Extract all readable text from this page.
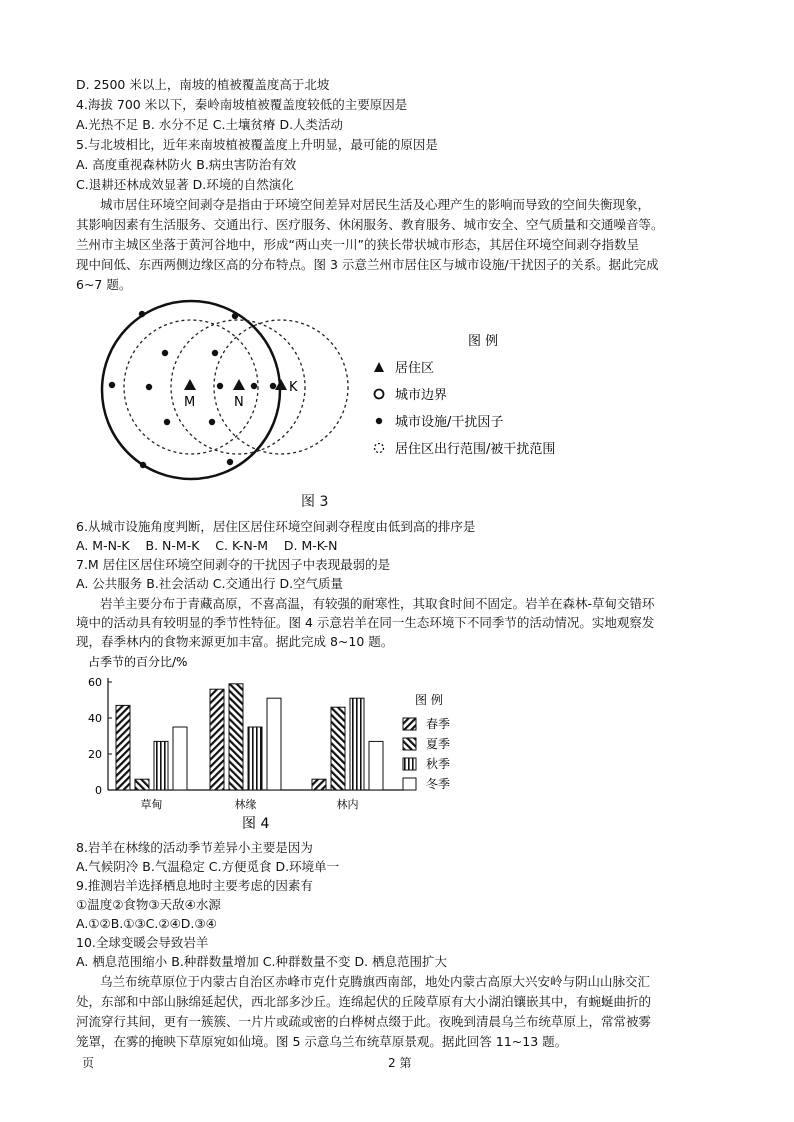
D. 2500 米以上，南坡的植被覆盖度高于北坡
4.海拔 700 米以下，秦岭南坡植被覆盖度较低的主要原因是
A.光热不足 B. 水分不足 C.土壤贫瘠 D.人类活动
5.与北坡相比，近年来南坡植被覆盖度上升明显，最可能的原因是
A. 高度重视森林防火 B.病虫害防治有效
C.退耕还林成效显著 D.环境的自然演化
城市居住环境空间剥夺是指由于环境空间差异对居民生活及心理产生的影响而导致的空间失衡现象，
其影响因素有生活服务、交通出行、医疗服务、休闲服务、教育服务、城市安全、空气质量和交通噪音等。
兰州市主城区坐落于黄河谷地中，形成“两山夹一川”的狭长带状城市形态，其居住环境空间剥夺指数呈
现中间低、东西两侧边缘区高的分布特点。图 3 示意兰州市居住区与城市设施/干扰因子的关系。据此完成
6~7 题。
M	N
K
图 例
居住区
城市边界
城市设施/干扰因子
居住区出行范围/被干扰范围
图 3
6.从城市设施角度判断，居住区居住环境空间剥夺程度由低到高的排序是
A. M-N-K    B. N-M-K    C. K-N-M    D. M-K-N
7.M 居住区居住环境空间剥夺的干扰因子中表现最弱的是
A. 公共服务 B.社会活动 C.交通出行 D.空气质量
岩羊主要分布于青藏高原，不喜高温，有较强的耐寒性，其取食时间不固定。岩羊在森林-草甸交错环
境中的活动具有较明显的季节性特征。图 4 示意岩羊在同一生态环境下不同季节的活动情况。实地观察发
现，春季林内的食物来源更加丰富。据此完成 8~10 题。
占季节的百分比/%
0
20
40
60
草甸	林缘	林内
图 4
图 例
春季
夏季
秋季
冬季
8.岩羊在林缘的活动季节差异小主要是因为
A.气候阴冷 B.气温稳定 C.方便觅食 D.环境单一
9.推测岩羊选择栖息地时主要考虑的因素有
①温度②食物③天敌④水源
A.①②B.①③C.②④D.③④
10.全球变暖会导致岩羊
A. 栖息范围缩小 B.种群数量增加 C.种群数量不变 D. 栖息范围扩大
乌兰布统草原位于内蒙古自治区赤峰市克什克腾旗西南部，地处内蒙古高原大兴安岭与阴山山脉交汇
处，东部和中部山脉绵延起伏，西北部多沙丘。连绵起伏的丘陵草原有大小湖泊镶嵌其中，有蜿蜒曲折的
河流穿行其间，更有一簇簇、一片片或疏或密的白桦树点缀于此。夜晚到清晨乌兰布统草原上，常常被雾
笼罩，在雾的掩映下草原宛如仙境。图 5 示意乌兰布统草原景观。据此回答 11~13 题。
页	2 第
